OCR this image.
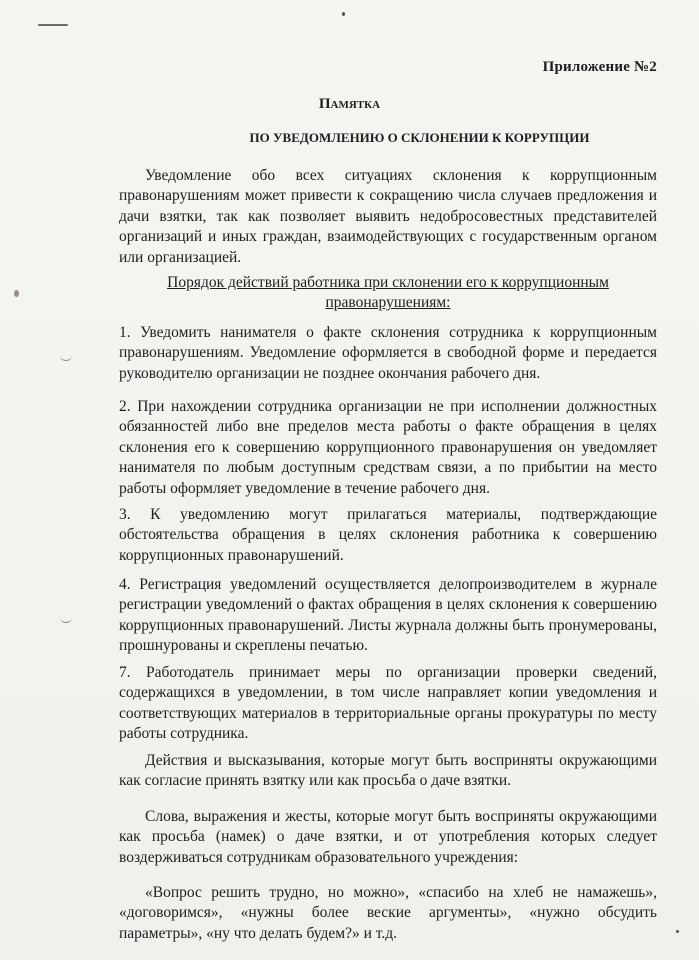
Приложение №2
Памятка
ПО УВЕДОМЛЕНИЮ О СКЛОНЕНИИ К КОРРУПЦИИ

Уведомление обо всех ситуациях склонения к коррупционным правонарушениям может привести к сокращению числа случаев предложения и дачи взятки, так как позволяет выявить недобросовестных представителей организаций и иных граждан, взаимодействующих с государственным органом или организацией.

Порядок действий работника при склонении его к коррупционным правонарушениям:

1. Уведомить нанимателя о факте склонения сотрудника к коррупционным правонарушениям. Уведомление оформляется в свободной форме и передается руководителю организации не позднее окончания рабочего дня.

2. При нахождении сотрудника организации не при исполнении должностных обязанностей либо вне пределов места работы о факте обращения в целях склонения его к совершению коррупционного правонарушения он уведомляет нанимателя по любым доступным средствам связи, а по прибытии на место работы оформляет уведомление в течение рабочего дня.

3. К уведомлению могут прилагаться материалы, подтверждающие обстоятельства обращения в целях склонения работника к совершению коррупционных правонарушений.

4. Регистрация уведомлений осуществляется делопроизводителем в журнале регистрации уведомлений о фактах обращения в целях склонения к совершению коррупционных правонарушений. Листы журнала должны быть пронумерованы, прошнурованы и скреплены печатью.

7. Работодатель принимает меры по организации проверки сведений, содержащихся в уведомлении, в том числе направляет копии уведомления и соответствующих материалов в территориальные органы прокуратуры по месту работы сотрудника.

Действия и высказывания, которые могут быть восприняты окружающими как согласие принять взятку или как просьба о даче взятки.

Слова, выражения и жесты, которые могут быть восприняты окружающими как просьба (намек) о даче взятки, и от употребления которых следует воздерживаться сотрудникам образовательного учреждения:

«Вопрос решить трудно, но можно», «спасибо на хлеб не намажешь», «договоримся», «нужны более веские аргументы», «нужно обсудить параметры», «ну что делать будем?» и т.д.
